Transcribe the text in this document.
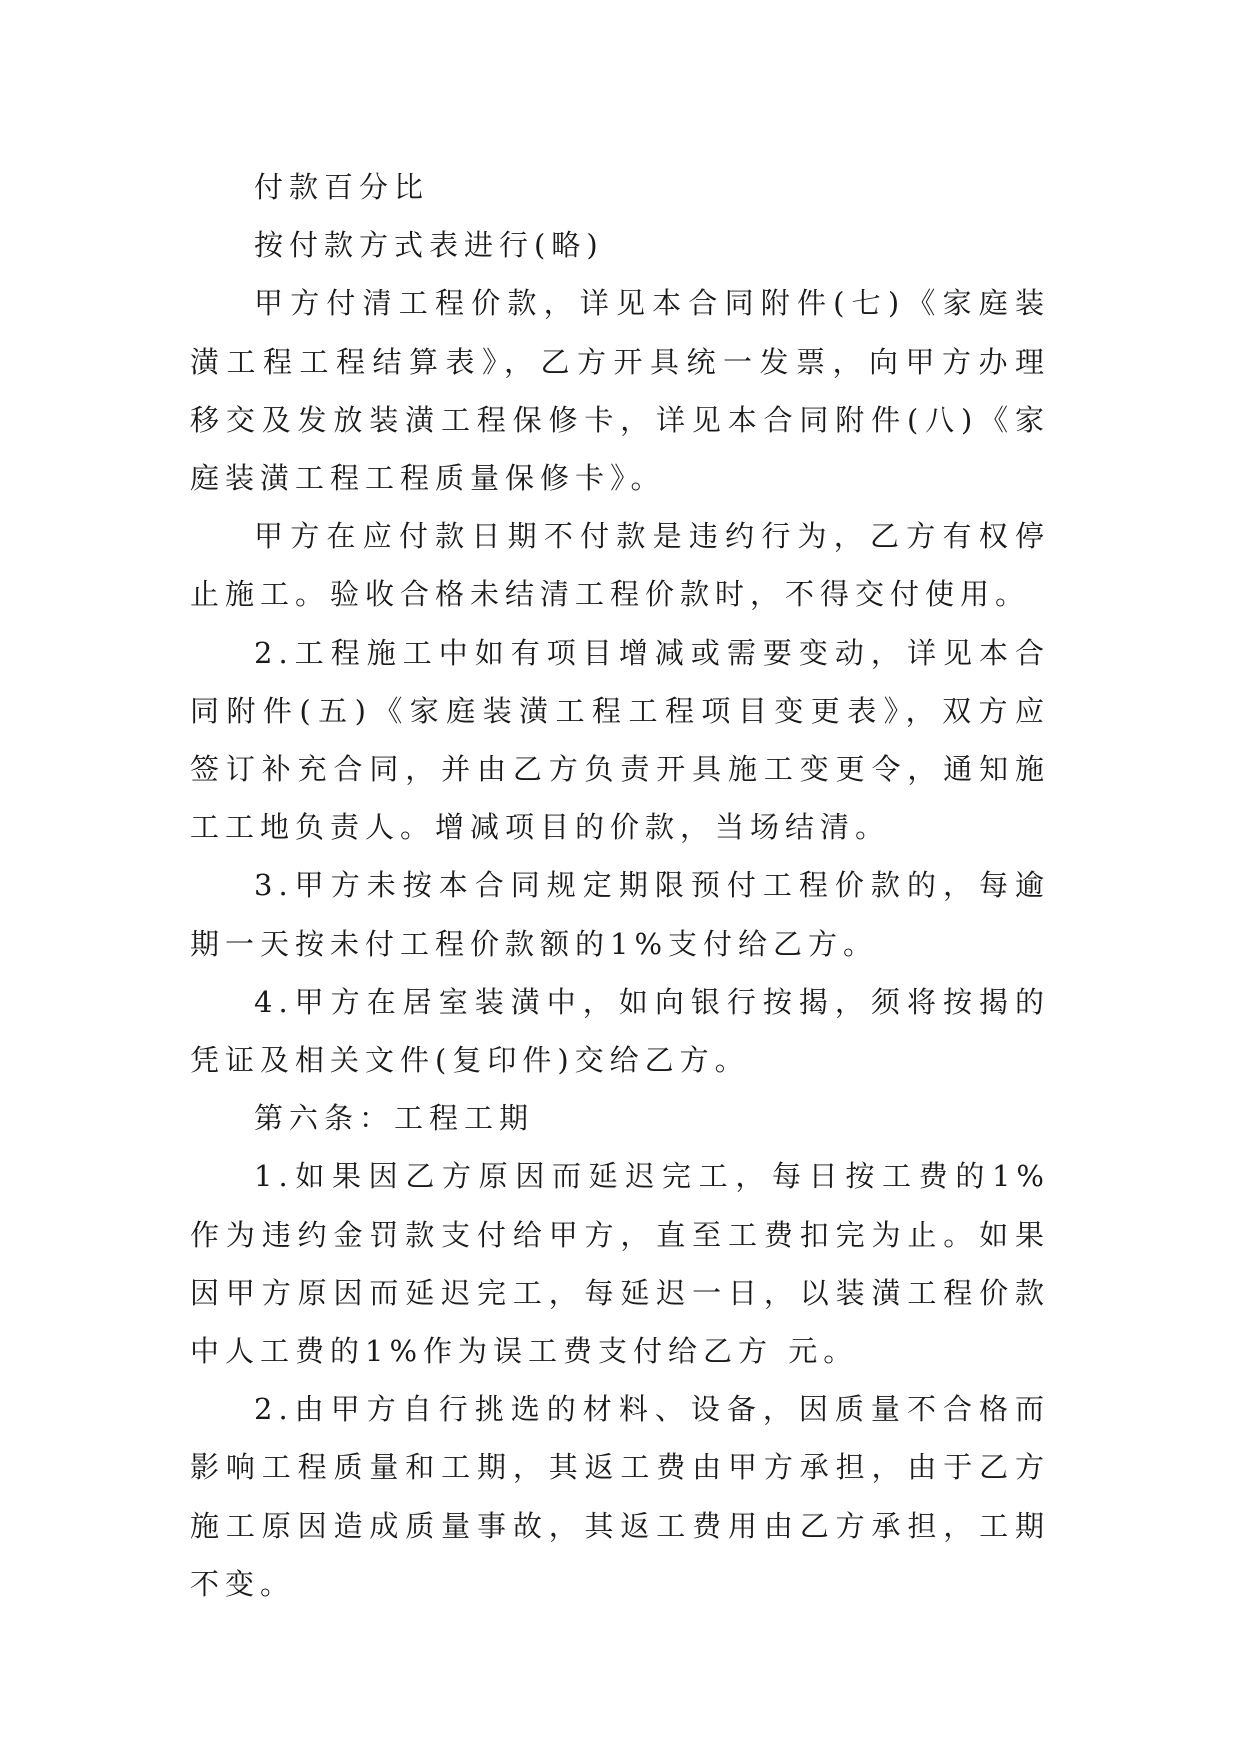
付款百分比

按付款方式表进行(略)

甲方付清工程价款，详见本合同附件(七)《家庭装潢工程工程结算表》，乙方开具统一发票，向甲方办理移交及发放装潢工程保修卡，详见本合同附件(八)《家庭装潢工程工程质量保修卡》。

甲方在应付款日期不付款是违约行为，乙方有权停止施工。验收合格未结清工程价款时，不得交付使用。

2.工程施工中如有项目增减或需要变动，详见本合同附件(五)《家庭装潢工程工程项目变更表》，双方应签订补充合同，并由乙方负责开具施工变更令，通知施工工地负责人。增减项目的价款，当场结清。

3.甲方未按本合同规定期限预付工程价款的，每逾期一天按未付工程价款额的1%支付给乙方。

4.甲方在居室装潢中，如向银行按揭，须将按揭的凭证及相关文件(复印件)交给乙方。

第六条：工程工期

1.如果因乙方原因而延迟完工，每日按工费的1%作为违约金罚款支付给甲方，直至工费扣完为止。如果因甲方原因而延迟完工，每延迟一日，以装潢工程价款中人工费的1%作为误工费支付给乙方 元。

2.由甲方自行挑选的材料、设备，因质量不合格而影响工程质量和工期，其返工费由甲方承担，由于乙方施工原因造成质量事故，其返工费用由乙方承担，工期不变。
